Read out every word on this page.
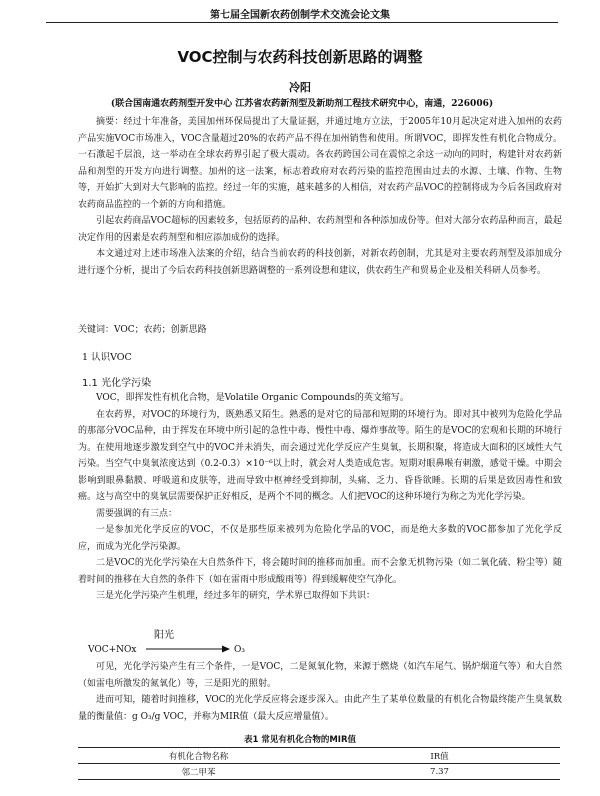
第七届全国新农药创制学术交流会论文集
VOC控制与农药科技创新思路的调整
冷阳
(联合国南通农药剂型开发中心 江苏省农药新剂型及新助剂工程技术研究中心，南通，226006)

摘要：经过十年准备，美国加州环保局提出了大量证据，并通过地方立法，于2005年10月起决定对进入加州的农药产品实施VOC市场准入，VOC含量超过20%的农药产品不得在加州销售和使用。所谓VOC，即挥发性有机化合物成分。一石激起千层浪，这一举动在全球农药界引起了极大震动。各农药跨国公司在震惊之余这一动向的同时，构建针对农药新品和剂型的开发方向进行调整。加州的这一法案，标志着政府对农药污染的监控范围由过去的水源、土壤、作物、生物等，开始扩大到对大气影响的监控。经过一年的实施，越来越多的人相信，对农药产品VOC的控制将成为今后各国政府对农药商品监控的一个新的方向和措施。

引起农药商品VOC超标的因素较多，包括原药的品种、农药剂型和各种添加成份等。但对大部分农药品种而言，最起决定作用的因素是农药剂型和相应添加成份的选择。

本文通过对上述市场准入法案的介绍，结合当前农药的科技创新，对新农药创制，尤其是对主要农药剂型及添加成分进行逐个分析，提出了今后农药科技创新思路调整的一系列设想和建议，供农药生产和贸易企业及相关科研人员参考。

关键词：VOC；农药；创新思路
1 认识VOC
1.1 光化学污染

VOC，即挥发性有机化合物，是Volatile Organic Compounds的英文缩写。

在农药界，对VOC的环境行为，既熟悉又陌生。熟悉的是对它的局部和短期的环境行为。即对其中被列为危险化学品的那部分VOC品种，由于挥发在环境中所引起的急性中毒、慢性中毒、爆炸事故等。陌生的是VOC的宏观和长期的环境行为。在使用地逐步激发到空气中的VOC并未消失，而会通过光化学反应产生臭氧，长期积聚，将造成大面积的区域性大气污染。当空气中臭氧浓度达到（0.2-0.3）×10⁻⁶以上时，就会对人类造成危害。短期对眼鼻喉有刺激，感觉干燥。中期会影响到眼鼻黏膜、呼吸道和皮肤等，进而导致中枢神经受到抑制，头痛、乏力、昏昏欲睡。长期的后果是致因毒性和致癌。这与高空中的臭氧层需要保护正好相反，是两个不同的概念。人们把VOC的这种环境行为称之为光化学污染。

需要强调的有三点：

一是参加光化学反应的VOC，不仅是那些原来被列为危险化学品的VOC，而是绝大多数的VOC都参加了光化学反应，而成为光化学污染源。

二是VOC的光化学污染在大自然条件下，将会随时间的推移而加重。而不会象无机物污染（如二氧化硫、粉尘等）随着时间的推移在大自然的条件下（如在雷雨中形成酸雨等）得到缓解使空气净化。

三是光化学污染产生机理，经过多年的研究，学术界已取得如下共识：

阳光
VOC+NOx	O₃

可见，光化学污染产生有三个条件，一是VOC，二是氮氧化物，来源于燃烧（如汽车尾气、锅炉烟道气等）和大自然（如雷电所激发的氮氧化）等，三是阳光的照射。

进而可知，随着时间推移，VOC的光化学反应将会逐步深入。由此产生了某单位数量的有机化合物最终能产生臭氧数量的衡量值：g O₃/g VOC，并称为MIR值（最大反应增量值）。

表1 常见有机化合物的MIR值
有机化合物名称	IR值
邻二甲苯	7.37
